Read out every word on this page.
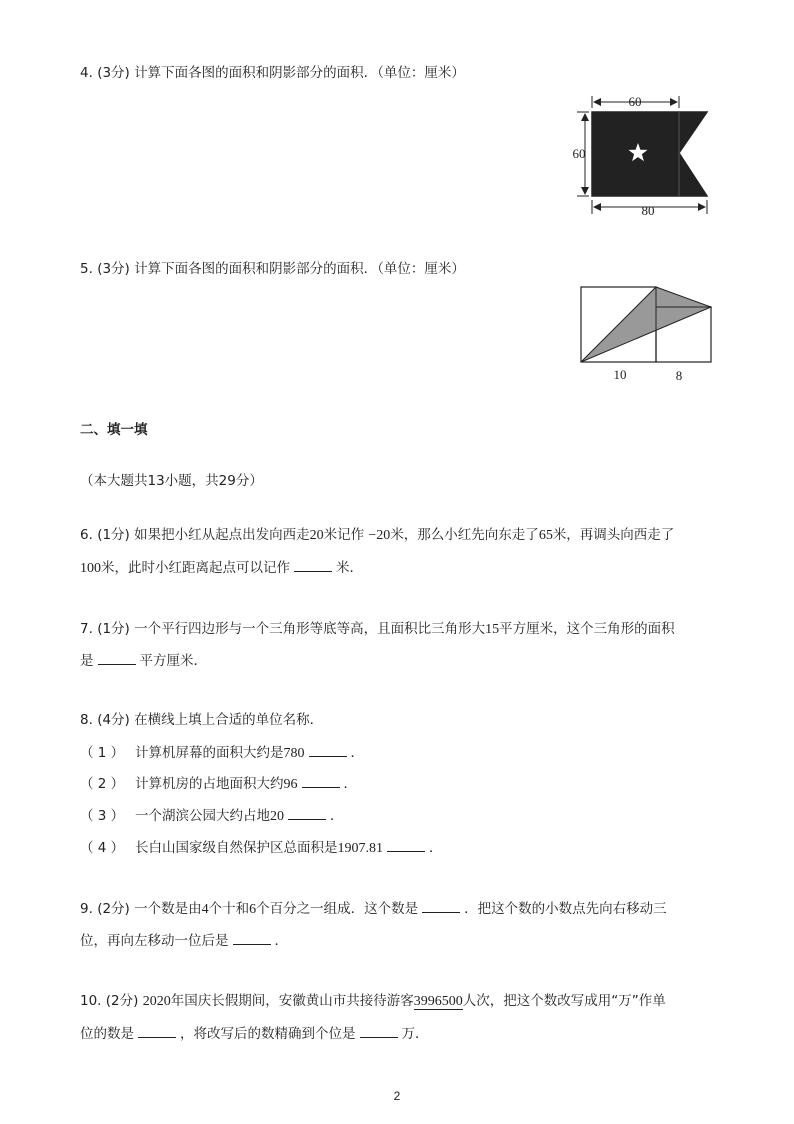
4. (3分) 计算下面各图的面积和阴影部分的面积．（单位：厘米）
60
60
80
5. (3分) 计算下面各图的面积和阴影部分的面积．（单位：厘米）
10	8
二、填一填
（本大题共13小题，共29分）
6. (1分) 如果把小红从起点出发向西走20米记作 −20米，那么小红先向东走了65米，再调头向西走了
100米，此时小红距离起点可以记作	米．
7. (1分) 一个平行四边形与一个三角形等底等高，且面积比三角形大15平方厘米，这个三角形的面积
是	平方厘米．
8. (4分) 在横线上填上合适的单位名称．
（ 1 ） 计算机屏幕的面积大约是780	．
（ 2 ） 计算机房的占地面积大约96	．
（ 3 ） 一个湖滨公园大约占地20	．
（ 4 ） 长白山国家级自然保护区总面积是1907.81	．
9. (2分) 一个数是由4个十和6个百分之一组成．这个数是	．把这个数的小数点先向右移动三
位，再向左移动一位后是	．
10. (2分) 2020年国庆长假期间，安徽黄山市共接待游客3996500人次，把这个数改写成用“万”作单
位的数是	，将改写后的数精确到个位是	万．
2
